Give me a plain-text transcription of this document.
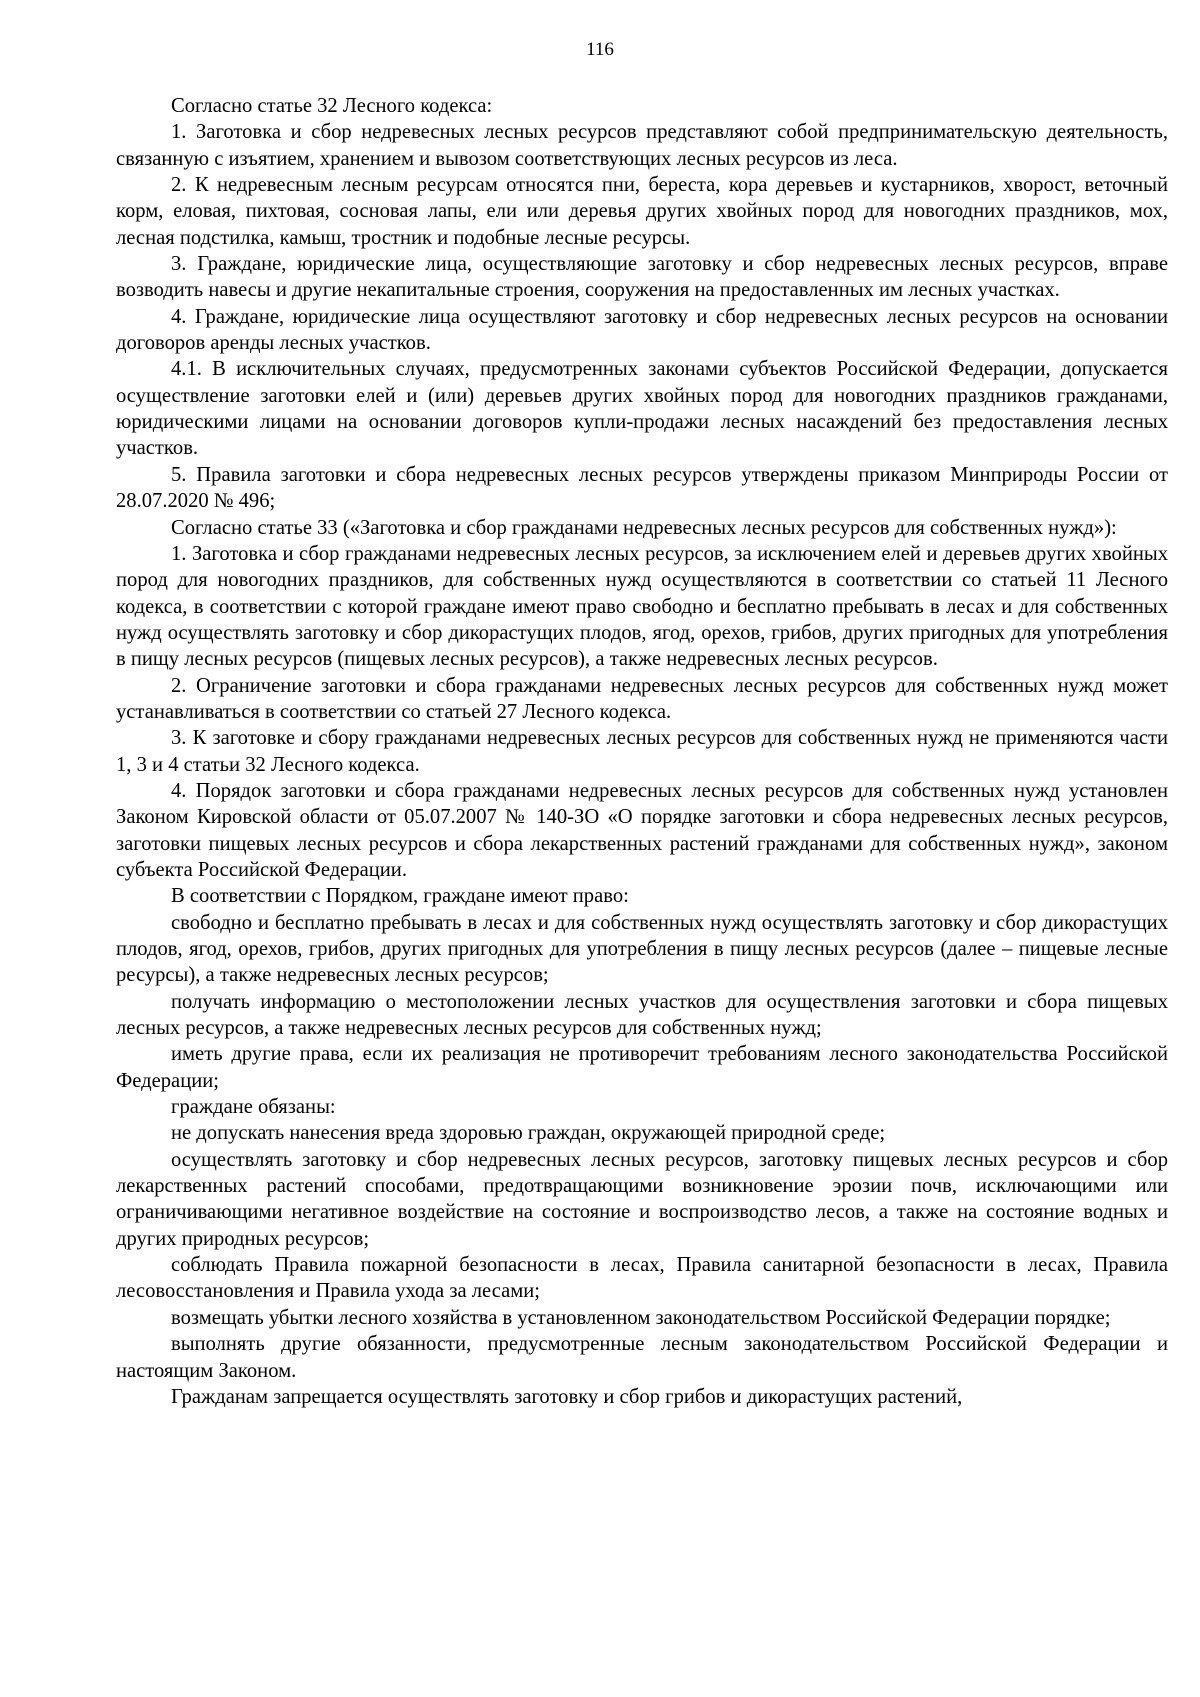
116

Согласно статье 32 Лесного кодекса:

1. Заготовка и сбор недревесных лесных ресурсов представляют собой предпринимательскую деятельность, связанную с изъятием, хранением и вывозом соответствующих лесных ресурсов из леса.

2. К недревесным лесным ресурсам относятся пни, береста, кора деревьев и кустарников, хворост, веточный корм, еловая, пихтовая, сосновая лапы, ели или деревья других хвойных пород для новогодних праздников, мох, лесная подстилка, камыш, тростник и подобные лесные ресурсы.

3. Граждане, юридические лица, осуществляющие заготовку и сбор недревесных лесных ресурсов, вправе возводить навесы и другие некапитальные строения, сооружения на предоставленных им лесных участках.

4. Граждане, юридические лица осуществляют заготовку и сбор недревесных лесных ресурсов на основании договоров аренды лесных участков.

4.1. В исключительных случаях, предусмотренных законами субъектов Российской Федерации, допускается осуществление заготовки елей и (или) деревьев других хвойных пород для новогодних праздников гражданами, юридическими лицами на основании договоров купли-продажи лесных насаждений без предоставления лесных участков.

5. Правила заготовки и сбора недревесных лесных ресурсов утверждены приказом Минприроды России от 28.07.2020 № 496;

Согласно статье 33 («Заготовка и сбор гражданами недревесных лесных ресурсов для собственных нужд»):

1. Заготовка и сбор гражданами недревесных лесных ресурсов, за исключением елей и деревьев других хвойных пород для новогодних праздников, для собственных нужд осуществляются в соответствии со статьей 11 Лесного кодекса, в соответствии с которой граждане имеют право свободно и бесплатно пребывать в лесах и для собственных нужд осуществлять заготовку и сбор дикорастущих плодов, ягод, орехов, грибов, других пригодных для употребления в пищу лесных ресурсов (пищевых лесных ресурсов), а также недревесных лесных ресурсов.

2. Ограничение заготовки и сбора гражданами недревесных лесных ресурсов для собственных нужд может устанавливаться в соответствии со статьей 27 Лесного кодекса.

3. К заготовке и сбору гражданами недревесных лесных ресурсов для собственных нужд не применяются части 1, 3 и 4 статьи 32 Лесного кодекса.

4. Порядок заготовки и сбора гражданами недревесных лесных ресурсов для собственных нужд установлен Законом Кировской области от 05.07.2007 № 140-ЗО «О порядке заготовки и сбора недревесных лесных ресурсов, заготовки пищевых лесных ресурсов и сбора лекарственных растений гражданами для собственных нужд», законом субъекта Российской Федерации.

В соответствии с Порядком, граждане имеют право:

свободно и бесплатно пребывать в лесах и для собственных нужд осуществлять заготовку и сбор дикорастущих плодов, ягод, орехов, грибов, других пригодных для употребления в пищу лесных ресурсов (далее – пищевые лесные ресурсы), а также недревесных лесных ресурсов;

получать информацию о местоположении лесных участков для осуществления заготовки и сбора пищевых лесных ресурсов, а также недревесных лесных ресурсов для собственных нужд;

иметь другие права, если их реализация не противоречит требованиям лесного законодательства Российской Федерации;

граждане обязаны:

не допускать нанесения вреда здоровью граждан, окружающей природной среде;

осуществлять заготовку и сбор недревесных лесных ресурсов, заготовку пищевых лесных ресурсов и сбор лекарственных растений способами, предотвращающими возникновение эрозии почв, исключающими или ограничивающими негативное воздействие на состояние и воспроизводство лесов, а также на состояние водных и других природных ресурсов;

соблюдать Правила пожарной безопасности в лесах, Правила санитарной безопасности в лесах, Правила лесовосстановления и Правила ухода за лесами;

возмещать убытки лесного хозяйства в установленном законодательством Российской Федерации порядке;

выполнять другие обязанности, предусмотренные лесным законодательством Российской Федерации и настоящим Законом.

Гражданам запрещается осуществлять заготовку и сбор грибов и дикорастущих растений,
